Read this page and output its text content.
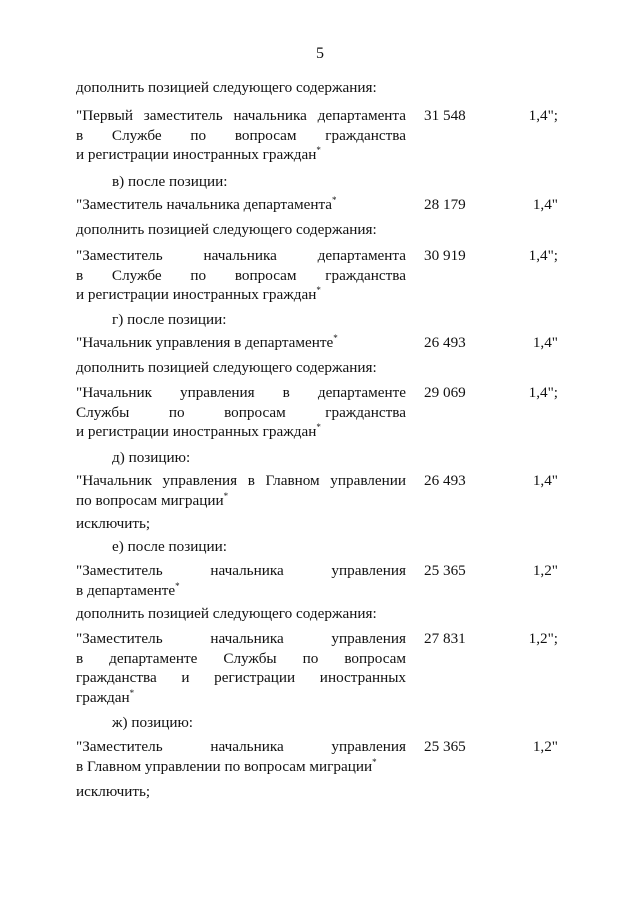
5
дополнить позицией следующего содержания:
"Первый заместитель начальника департамента
в Службе по вопросам гражданства
и регистрации иностранных граждан*
31 548	1,4";
в) после позиции:
"Заместитель начальника департамента*	28 179	1,4"
дополнить позицией следующего содержания:
"Заместитель начальника департамента
в Службе по вопросам гражданства
и регистрации иностранных граждан*
30 919	1,4";
г) после позиции:
"Начальник управления в департаменте*	26 493	1,4"
дополнить позицией следующего содержания:
"Начальник управления в департаменте
Службы по вопросам гражданства
и регистрации иностранных граждан*
29 069	1,4";
д) позицию:
"Начальник управления в Главном управлении
по вопросам миграции*
26 493	1,4"
исключить;
е) после позиции:
"Заместитель начальника управления
в департаменте*
25 365	1,2"
дополнить позицией следующего содержания:
"Заместитель начальника управления
в департаменте Службы по вопросам
гражданства и регистрации иностранных
граждан*
27 831	1,2";
ж) позицию:
"Заместитель начальника управления
в Главном управлении по вопросам миграции*
25 365	1,2"
исключить;
